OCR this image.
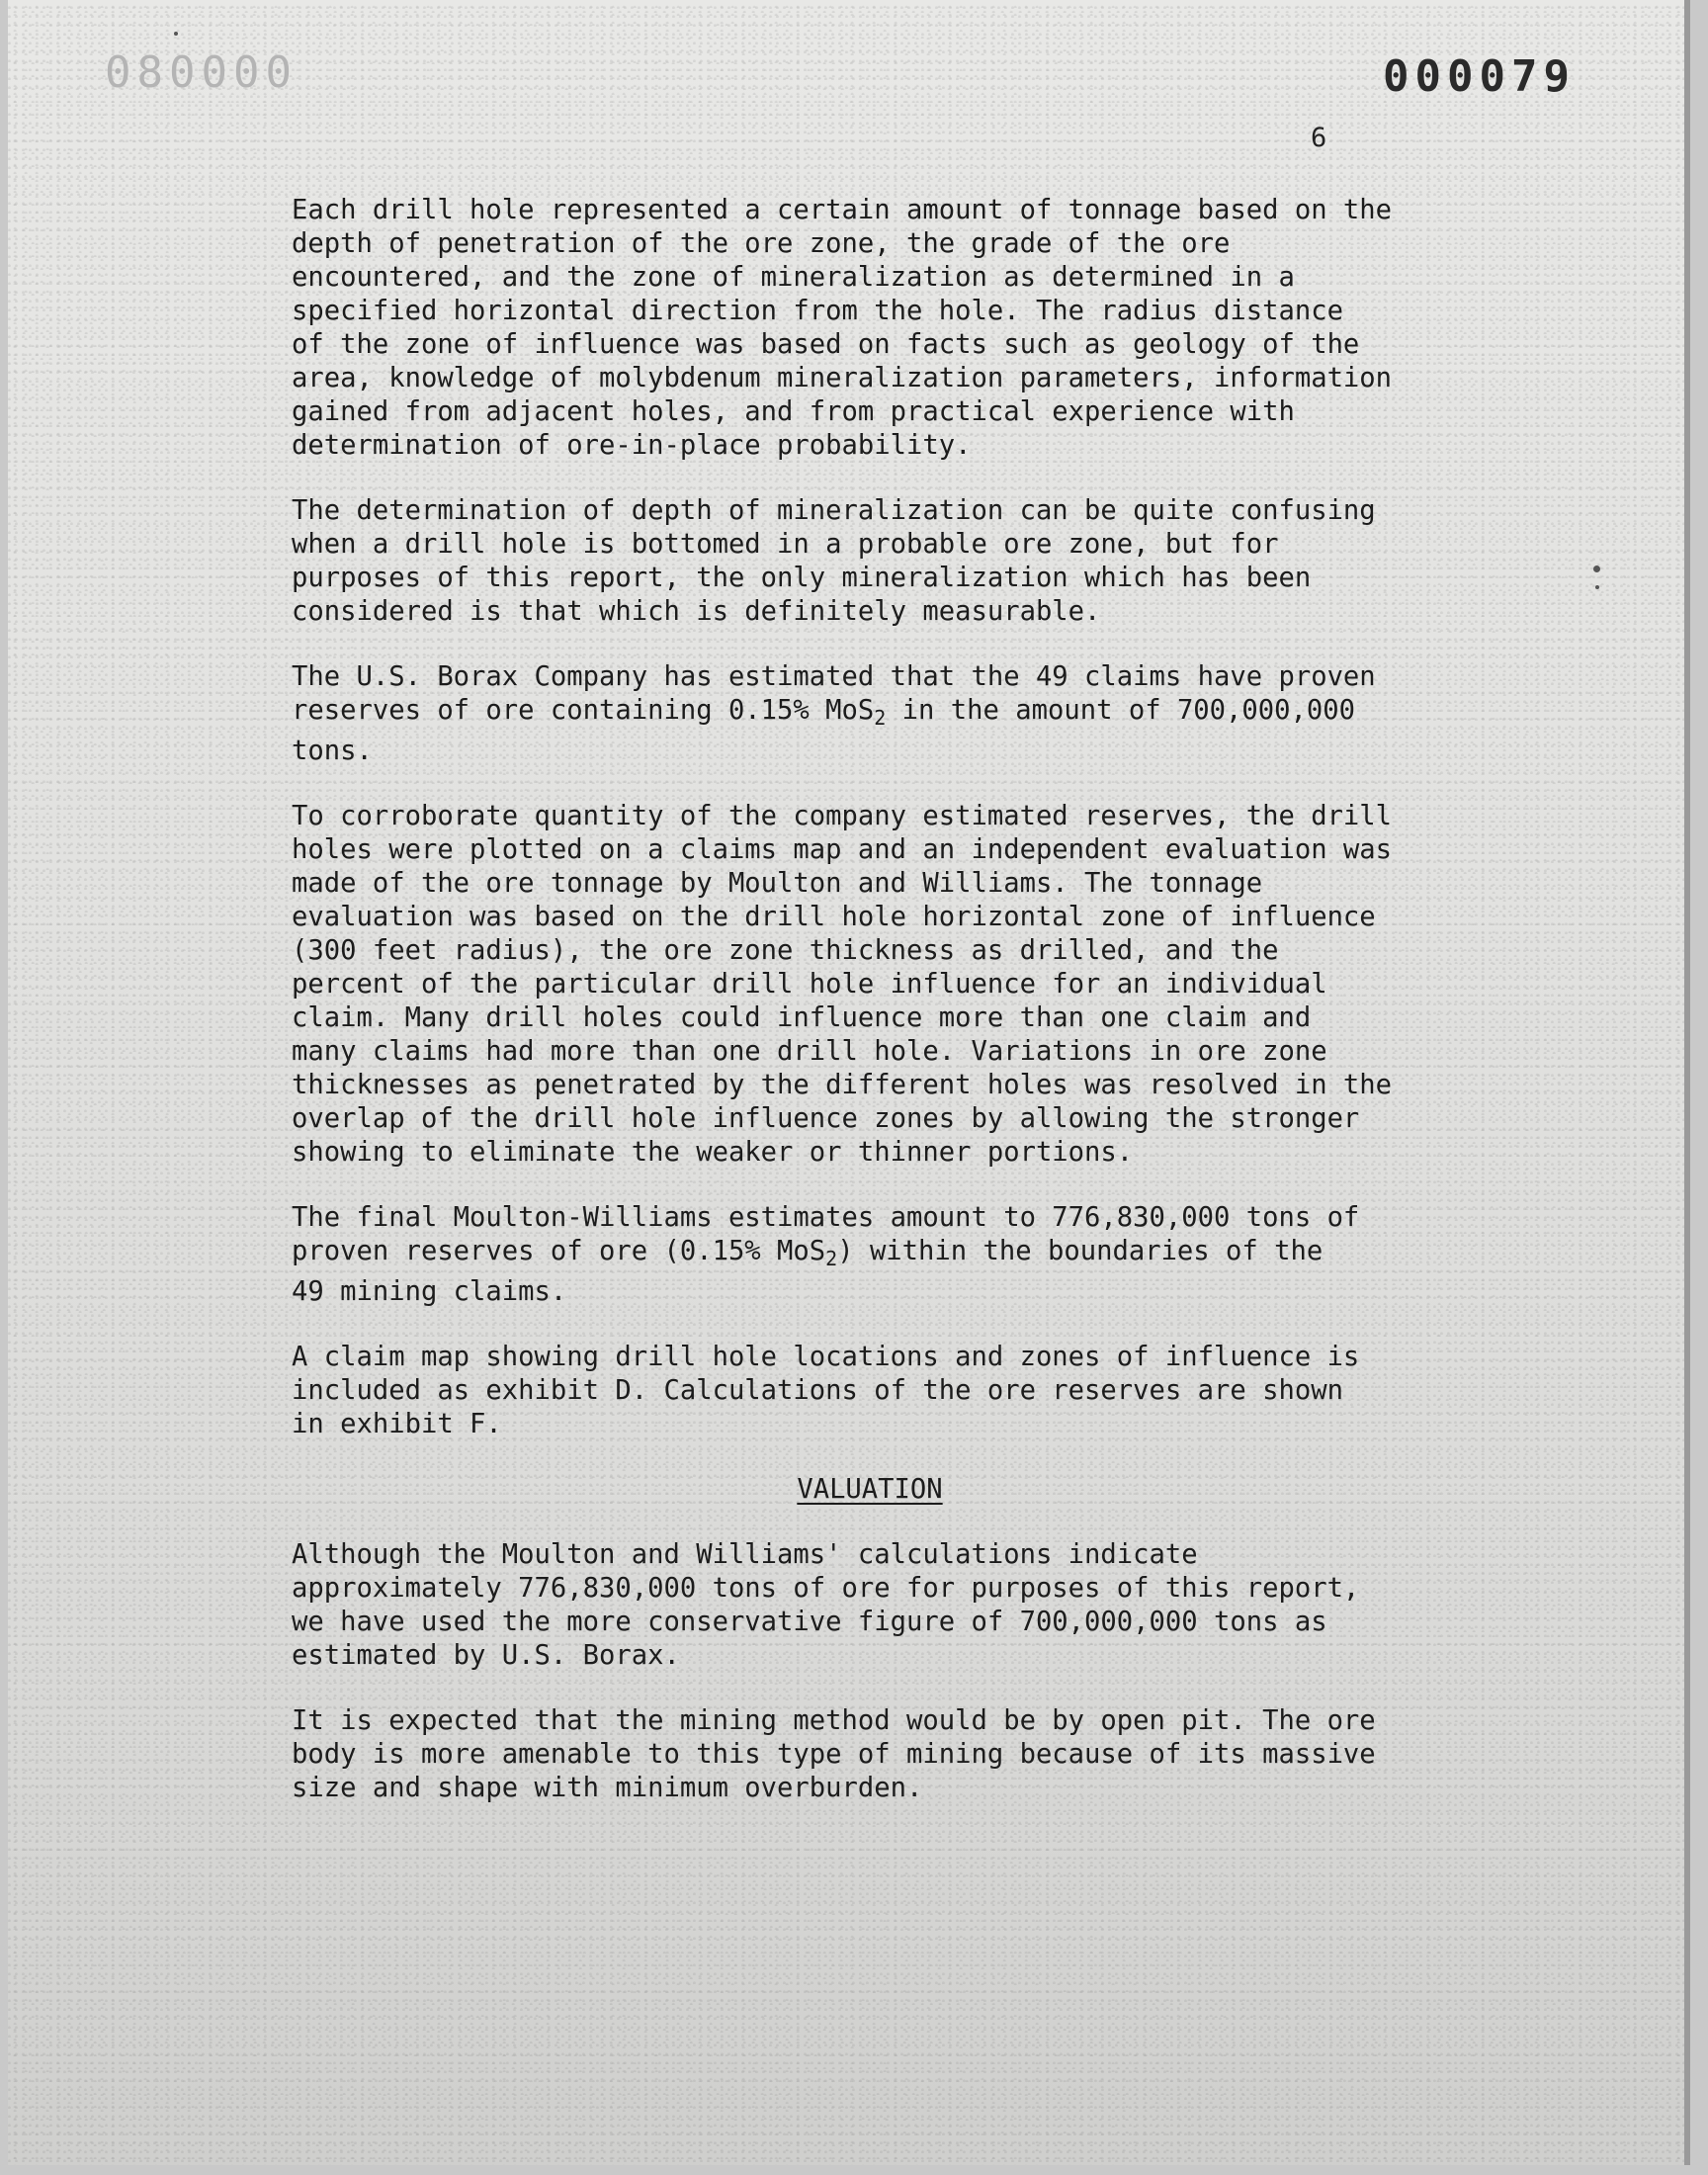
080000	000079
6

Each drill hole represented a certain amount of tonnage based on the
depth of penetration of the ore zone, the grade of the ore
encountered, and the zone of mineralization as determined in a
specified horizontal direction from the hole. The radius distance
of the zone of influence was based on facts such as geology of the
area, knowledge of molybdenum mineralization parameters, information
gained from adjacent holes, and from practical experience with
determination of ore-in-place probability.

The determination of depth of mineralization can be quite confusing
when a drill hole is bottomed in a probable ore zone, but for
purposes of this report, the only mineralization which has been
considered is that which is definitely measurable.

The U.S. Borax Company has estimated that the 49 claims have proven
reserves of ore containing 0.15% MoS$_2$ in the amount of 700,000,000
tons.

To corroborate quantity of the company estimated reserves, the drill
holes were plotted on a claims map and an independent evaluation was
made of the ore tonnage by Moulton and Williams. The tonnage
evaluation was based on the drill hole horizontal zone of influence
(300 feet radius), the ore zone thickness as drilled, and the
percent of the particular drill hole influence for an individual
claim. Many drill holes could influence more than one claim and
many claims had more than one drill hole. Variations in ore zone
thicknesses as penetrated by the different holes was resolved in the
overlap of the drill hole influence zones by allowing the stronger
showing to eliminate the weaker or thinner portions.

The final Moulton-Williams estimates amount to 776,830,000 tons of
proven reserves of ore (0.15% MoS$_2$) within the boundaries of the
49 mining claims.

A claim map showing drill hole locations and zones of influence is
included as exhibit D. Calculations of the ore reserves are shown
in exhibit F.

VALUATION

Although the Moulton and Williams' calculations indicate
approximately 776,830,000 tons of ore for purposes of this report,
we have used the more conservative figure of 700,000,000 tons as
estimated by U.S. Borax.

It is expected that the mining method would be by open pit. The ore
body is more amenable to this type of mining because of its massive
size and shape with minimum overburden.
